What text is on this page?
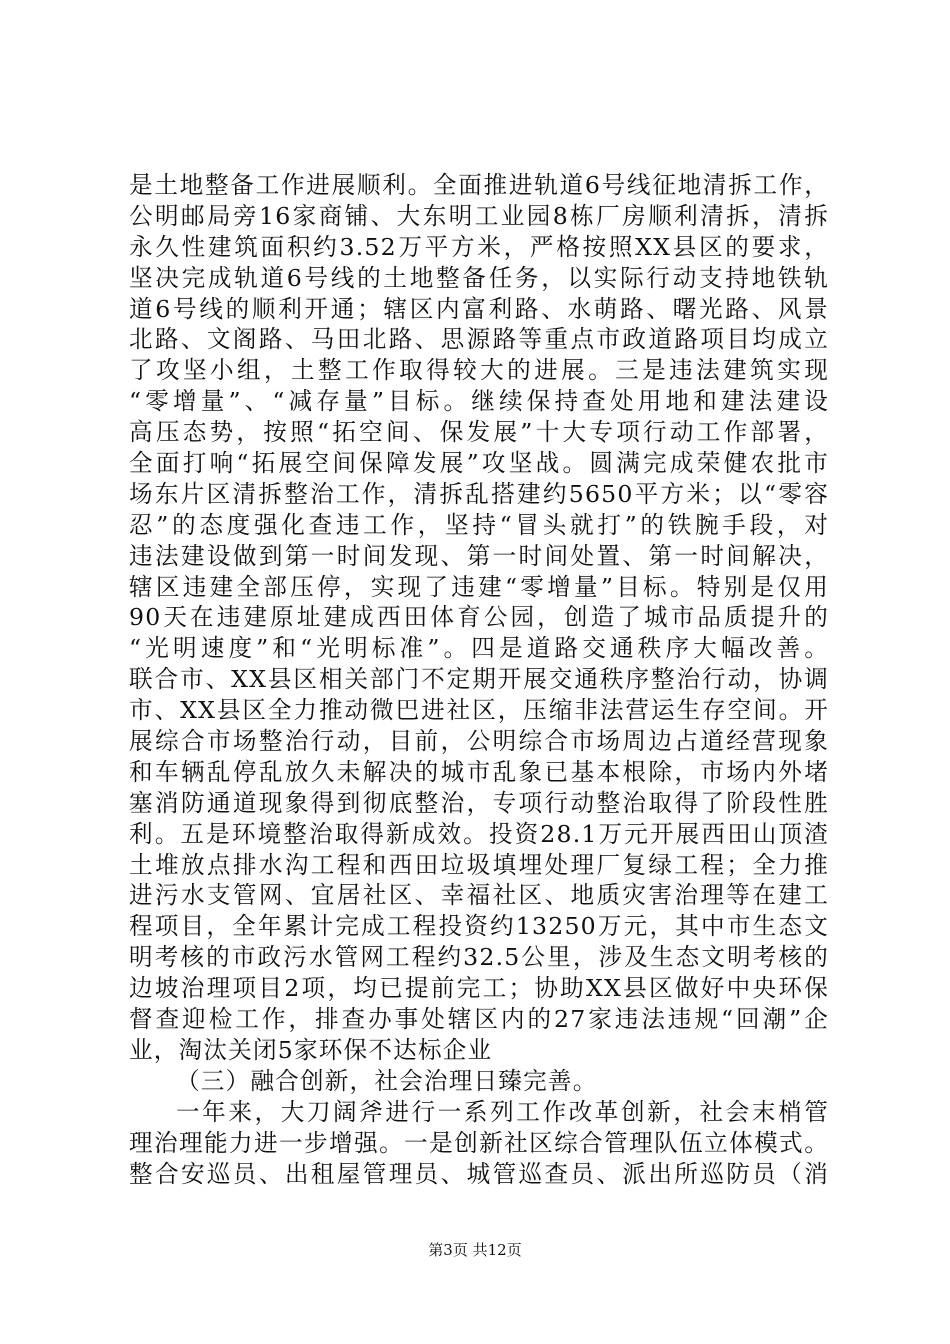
是土地整备工作进展顺利。全面推进轨道6号线征地清拆工作，
公明邮局旁16家商铺、大东明工业园8栋厂房顺利清拆，清拆
永久性建筑面积约3.52万平方米，严格按照XX县区的要求，
坚决完成轨道6号线的土地整备任务，以实际行动支持地铁轨
道6号线的顺利开通；辖区内富利路、水萌路、曙光路、风景
北路、文阁路、马田北路、思源路等重点市政道路项目均成立
了攻坚小组，土整工作取得较大的进展。三是违法建筑实现
“零增量”、“减存量”目标。继续保持查处用地和建法建设
高压态势，按照“拓空间、保发展”十大专项行动工作部署，
全面打响“拓展空间保障发展”攻坚战。圆满完成荣健农批市
场东片区清拆整治工作，清拆乱搭建约5650平方米；以“零容
忍”的态度强化查违工作，坚持“冒头就打”的铁腕手段，对
违法建设做到第一时间发现、第一时间处置、第一时间解决，
辖区违建全部压停，实现了违建“零增量”目标。特别是仅用
90天在违建原址建成西田体育公园，创造了城市品质提升的
“光明速度”和“光明标准”。四是道路交通秩序大幅改善。
联合市、XX县区相关部门不定期开展交通秩序整治行动，协调
市、XX县区全力推动微巴进社区，压缩非法营运生存空间。开
展综合市场整治行动，目前，公明综合市场周边占道经营现象
和车辆乱停乱放久未解决的城市乱象已基本根除，市场内外堵
塞消防通道现象得到彻底整治，专项行动整治取得了阶段性胜
利。五是环境整治取得新成效。投资28.1万元开展西田山顶渣
土堆放点排水沟工程和西田垃圾填埋处理厂复绿工程；全力推
进污水支管网、宜居社区、幸福社区、地质灾害治理等在建工
程项目，全年累计完成工程投资约13250万元，其中市生态文
明考核的市政污水管网工程约32.5公里，涉及生态文明考核的
边坡治理项目2项，均已提前完工；协助XX县区做好中央环保
督查迎检工作，排查办事处辖区内的27家违法违规“回潮”企
业，淘汰关闭5家环保不达标企业
（三）融合创新，社会治理日臻完善。
一年来，大刀阔斧进行一系列工作改革创新，社会末梢管
理治理能力进一步增强。一是创新社区综合管理队伍立体模式。
整合安巡员、出租屋管理员、城管巡查员、派出所巡防员（消
第3页 共12页
